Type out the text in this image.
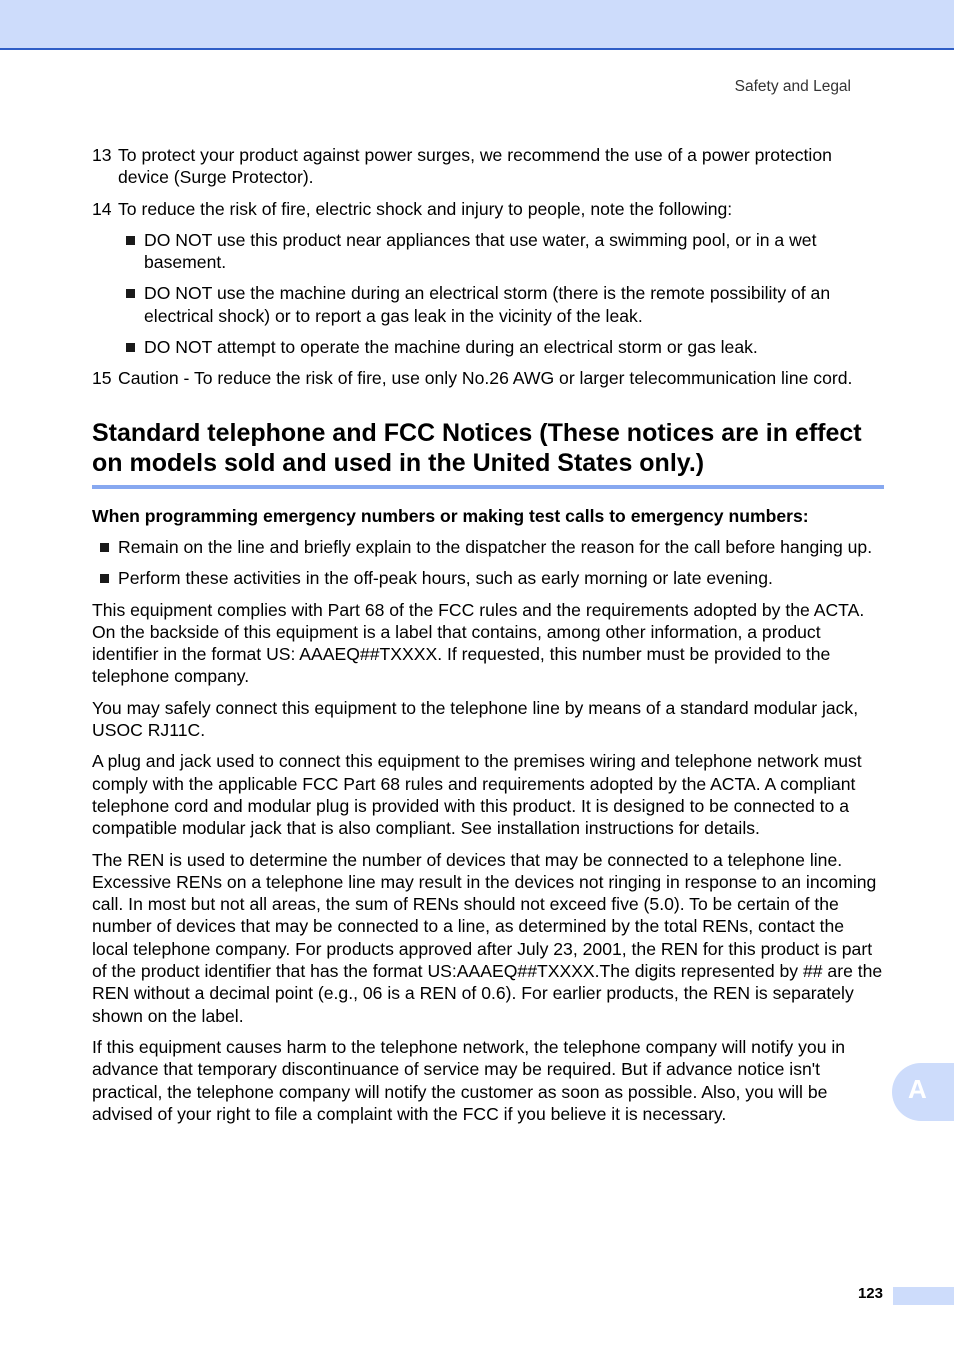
Safety and Legal
13 To protect your product against power surges, we recommend the use of a power protection device (Surge Protector).
14 To reduce the risk of fire, electric shock and injury to people, note the following:
DO NOT use this product near appliances that use water, a swimming pool, or in a wet basement.
DO NOT use the machine during an electrical storm (there is the remote possibility of an electrical shock) or to report a gas leak in the vicinity of the leak.
DO NOT attempt to operate the machine during an electrical storm or gas leak.
15 Caution - To reduce the risk of fire, use only No.26 AWG or larger telecommunication line cord.
Standard telephone and FCC Notices (These notices are in effect on models sold and used in the United States only.)
When programming emergency numbers or making test calls to emergency numbers:
Remain on the line and briefly explain to the dispatcher the reason for the call before hanging up.
Perform these activities in the off-peak hours, such as early morning or late evening.

This equipment complies with Part 68 of the FCC rules and the requirements adopted by the ACTA. On the backside of this equipment is a label that contains, among other information, a product identifier in the format US: AAAEQ##TXXXX. If requested, this number must be provided to the telephone company.

You may safely connect this equipment to the telephone line by means of a standard modular jack, USOC RJ11C.

A plug and jack used to connect this equipment to the premises wiring and telephone network must comply with the applicable FCC Part 68 rules and requirements adopted by the ACTA. A compliant telephone cord and modular plug is provided with this product. It is designed to be connected to a compatible modular jack that is also compliant. See installation instructions for details.

The REN is used to determine the number of devices that may be connected to a telephone line. Excessive RENs on a telephone line may result in the devices not ringing in response to an incoming call. In most but not all areas, the sum of RENs should not exceed five (5.0). To be certain of the number of devices that may be connected to a line, as determined by the total RENs, contact the local telephone company. For products approved after July 23, 2001, the REN for this product is part of the product identifier that has the format US:AAAEQ##TXXXX.The digits represented by ## are the REN without a decimal point (e.g., 06 is a REN of 0.6). For earlier products, the REN is separately shown on the label.

If this equipment causes harm to the telephone network, the telephone company will notify you in advance that temporary discontinuance of service may be required. But if advance notice isn't practical, the telephone company will notify the customer as soon as possible. Also, you will be advised of your right to file a complaint with the FCC if you believe it is necessary.

A
123
